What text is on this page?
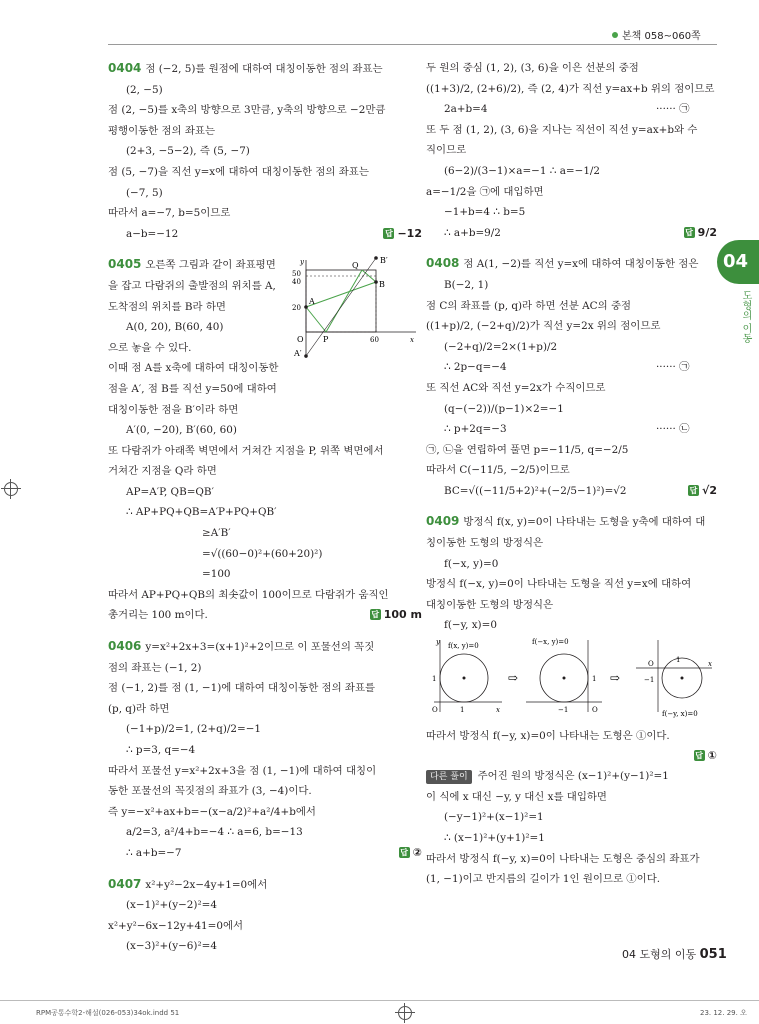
본책 058~060쪽
04
도형의 이동

0404 점 (−2, 5)를 원점에 대하여 대칭이동한 점의 좌표는

(2, −5)

점 (2, −5)를 x축의 방향으로 3만큼, y축의 방향으로 −2만큼

평행이동한 점의 좌표는

(2+3, −5−2), 즉 (5, −7)

점 (5, −7)을 직선 y=x에 대하여 대칭이동한 점의 좌표는

(−7, 5)

따라서 a=−7, b=5이므로

a−b=−12	답 −12

0405 오른쪽 그림과 같이 좌표평면

을 잡고 다람쥐의 출발점의 위치를 A,

도착점의 위치를 B라 하면

A(0, 20), B(60, 40)

으로 놓을 수 있다.

이때 점 A를 x축에 대하여 대칭이동한

점을 A′, 점 B를 직선 y=50에 대하여

대칭이동한 점을 B′이라 하면

A′(0, −20), B′(60, 60)

또 다람쥐가 아래쪽 벽면에서 거쳐간 지점을 P, 위쪽 벽면에서

거쳐간 지점을 Q라 하면

AP=A′P, QB=QB′

∴ AP+PQ+QB=A′P+PQ+QB′

≥A′B′

=√((60−0)²+(60+20)²)

=100

따라서 AP+PQ+QB의 최솟값이 100이므로 다람쥐가 움직인

총거리는 100 m이다.	답 100 m

50
40
20
O	60
A
A′
B
B′
P
Q
x
y

0406 y=x²+2x+3=(x+1)²+2이므로 이 포물선의 꼭짓

점의 좌표는 (−1, 2)

점 (−1, 2)를 점 (1, −1)에 대하여 대칭이동한 점의 좌표를

(p, q)라 하면

(−1+p)/2=1, (2+q)/2=−1

∴ p=3, q=−4

따라서 포물선 y=x²+2x+3을 점 (1, −1)에 대하여 대칭이

동한 포물선의 꼭짓점의 좌표가 (3, −4)이다.

즉 y=−x²+ax+b=−(x−a/2)²+a²/4+b에서

a/2=3, a²/4+b=−4 ∴ a=6, b=−13

∴ a+b=−7	답 ②

0407 x²+y²−2x−4y+1=0에서

(x−1)²+(y−2)²=4

x²+y²−6x−12y+41=0에서

(x−3)²+(y−6)²=4

두 원의 중심 (1, 2), (3, 6)을 이은 선분의 중점

((1+3)/2, (2+6)/2), 즉 (2, 4)가 직선 y=ax+b 위의 점이므로

2a+b=4	······ ㉠

또 두 점 (1, 2), (3, 6)을 지나는 직선이 직선 y=ax+b와 수

직이므로

(6−2)/(3−1)×a=−1 ∴ a=−1/2

a=−1/2을 ㉠에 대입하면

−1+b=4 ∴ b=5

∴ a+b=9/2	답 9/2

0408 점 A(1, −2)를 직선 y=x에 대하여 대칭이동한 점은

B(−2, 1)

점 C의 좌표를 (p, q)라 하면 선분 AC의 중점

((1+p)/2, (−2+q)/2)가 직선 y=2x 위의 점이므로

(−2+q)/2=2×(1+p)/2

∴ 2p−q=−4	······ ㉠

또 직선 AC와 직선 y=2x가 수직이므로

(q−(−2))/(p−1)×2=−1

∴ p+2q=−3	······ ㉡

㉠, ㉡을 연립하여 풀면 p=−11/5, q=−2/5

따라서 C(−11/5, −2/5)이므로

BC=√((−11/5+2)²+(−2/5−1)²)=√2	답 √2

0409 방정식 f(x, y)=0이 나타내는 도형을 y축에 대하여 대

칭이동한 도형의 방정식은

f(−x, y)=0

방정식 f(−x, y)=0이 나타내는 도형을 직선 y=x에 대하여

대칭이동한 도형의 방정식은

f(−y, x)=0

f(x, y)=0
O	1
1
x
y
⇨
f(−x, y)=0
O
−1
1 ⇨
O	1
−1
x
f(−y, x)=0

따라서 방정식 f(−y, x)=0이 나타내는 도형은 ①이다.

답 ①

다른 풀이 주어진 원의 방정식은 (x−1)²+(y−1)²=1

이 식에 x 대신 −y, y 대신 x를 대입하면

(−y−1)²+(x−1)²=1

∴ (x−1)²+(y+1)²=1

따라서 방정식 f(−y, x)=0이 나타내는 도형은 중심의 좌표가

(1, −1)이고 반지름의 길이가 1인 원이므로 ①이다.

04 도형의 이동 051
RPM공통수학2-해설(026-053)34ok.indd 51	23. 12. 29. 오
